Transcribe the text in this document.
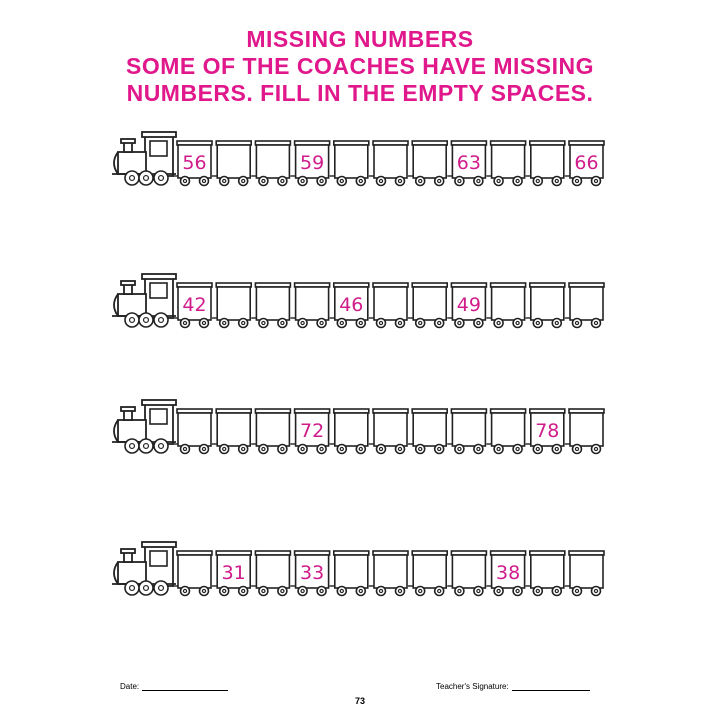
MISSING NUMBERS
SOME OF THE COACHES HAVE MISSING
NUMBERS. FILL IN THE EMPTY SPACES.
56	59	63	66
42	46	49
72	78
31	33	38
Date:	Teacher's Signature:
73
